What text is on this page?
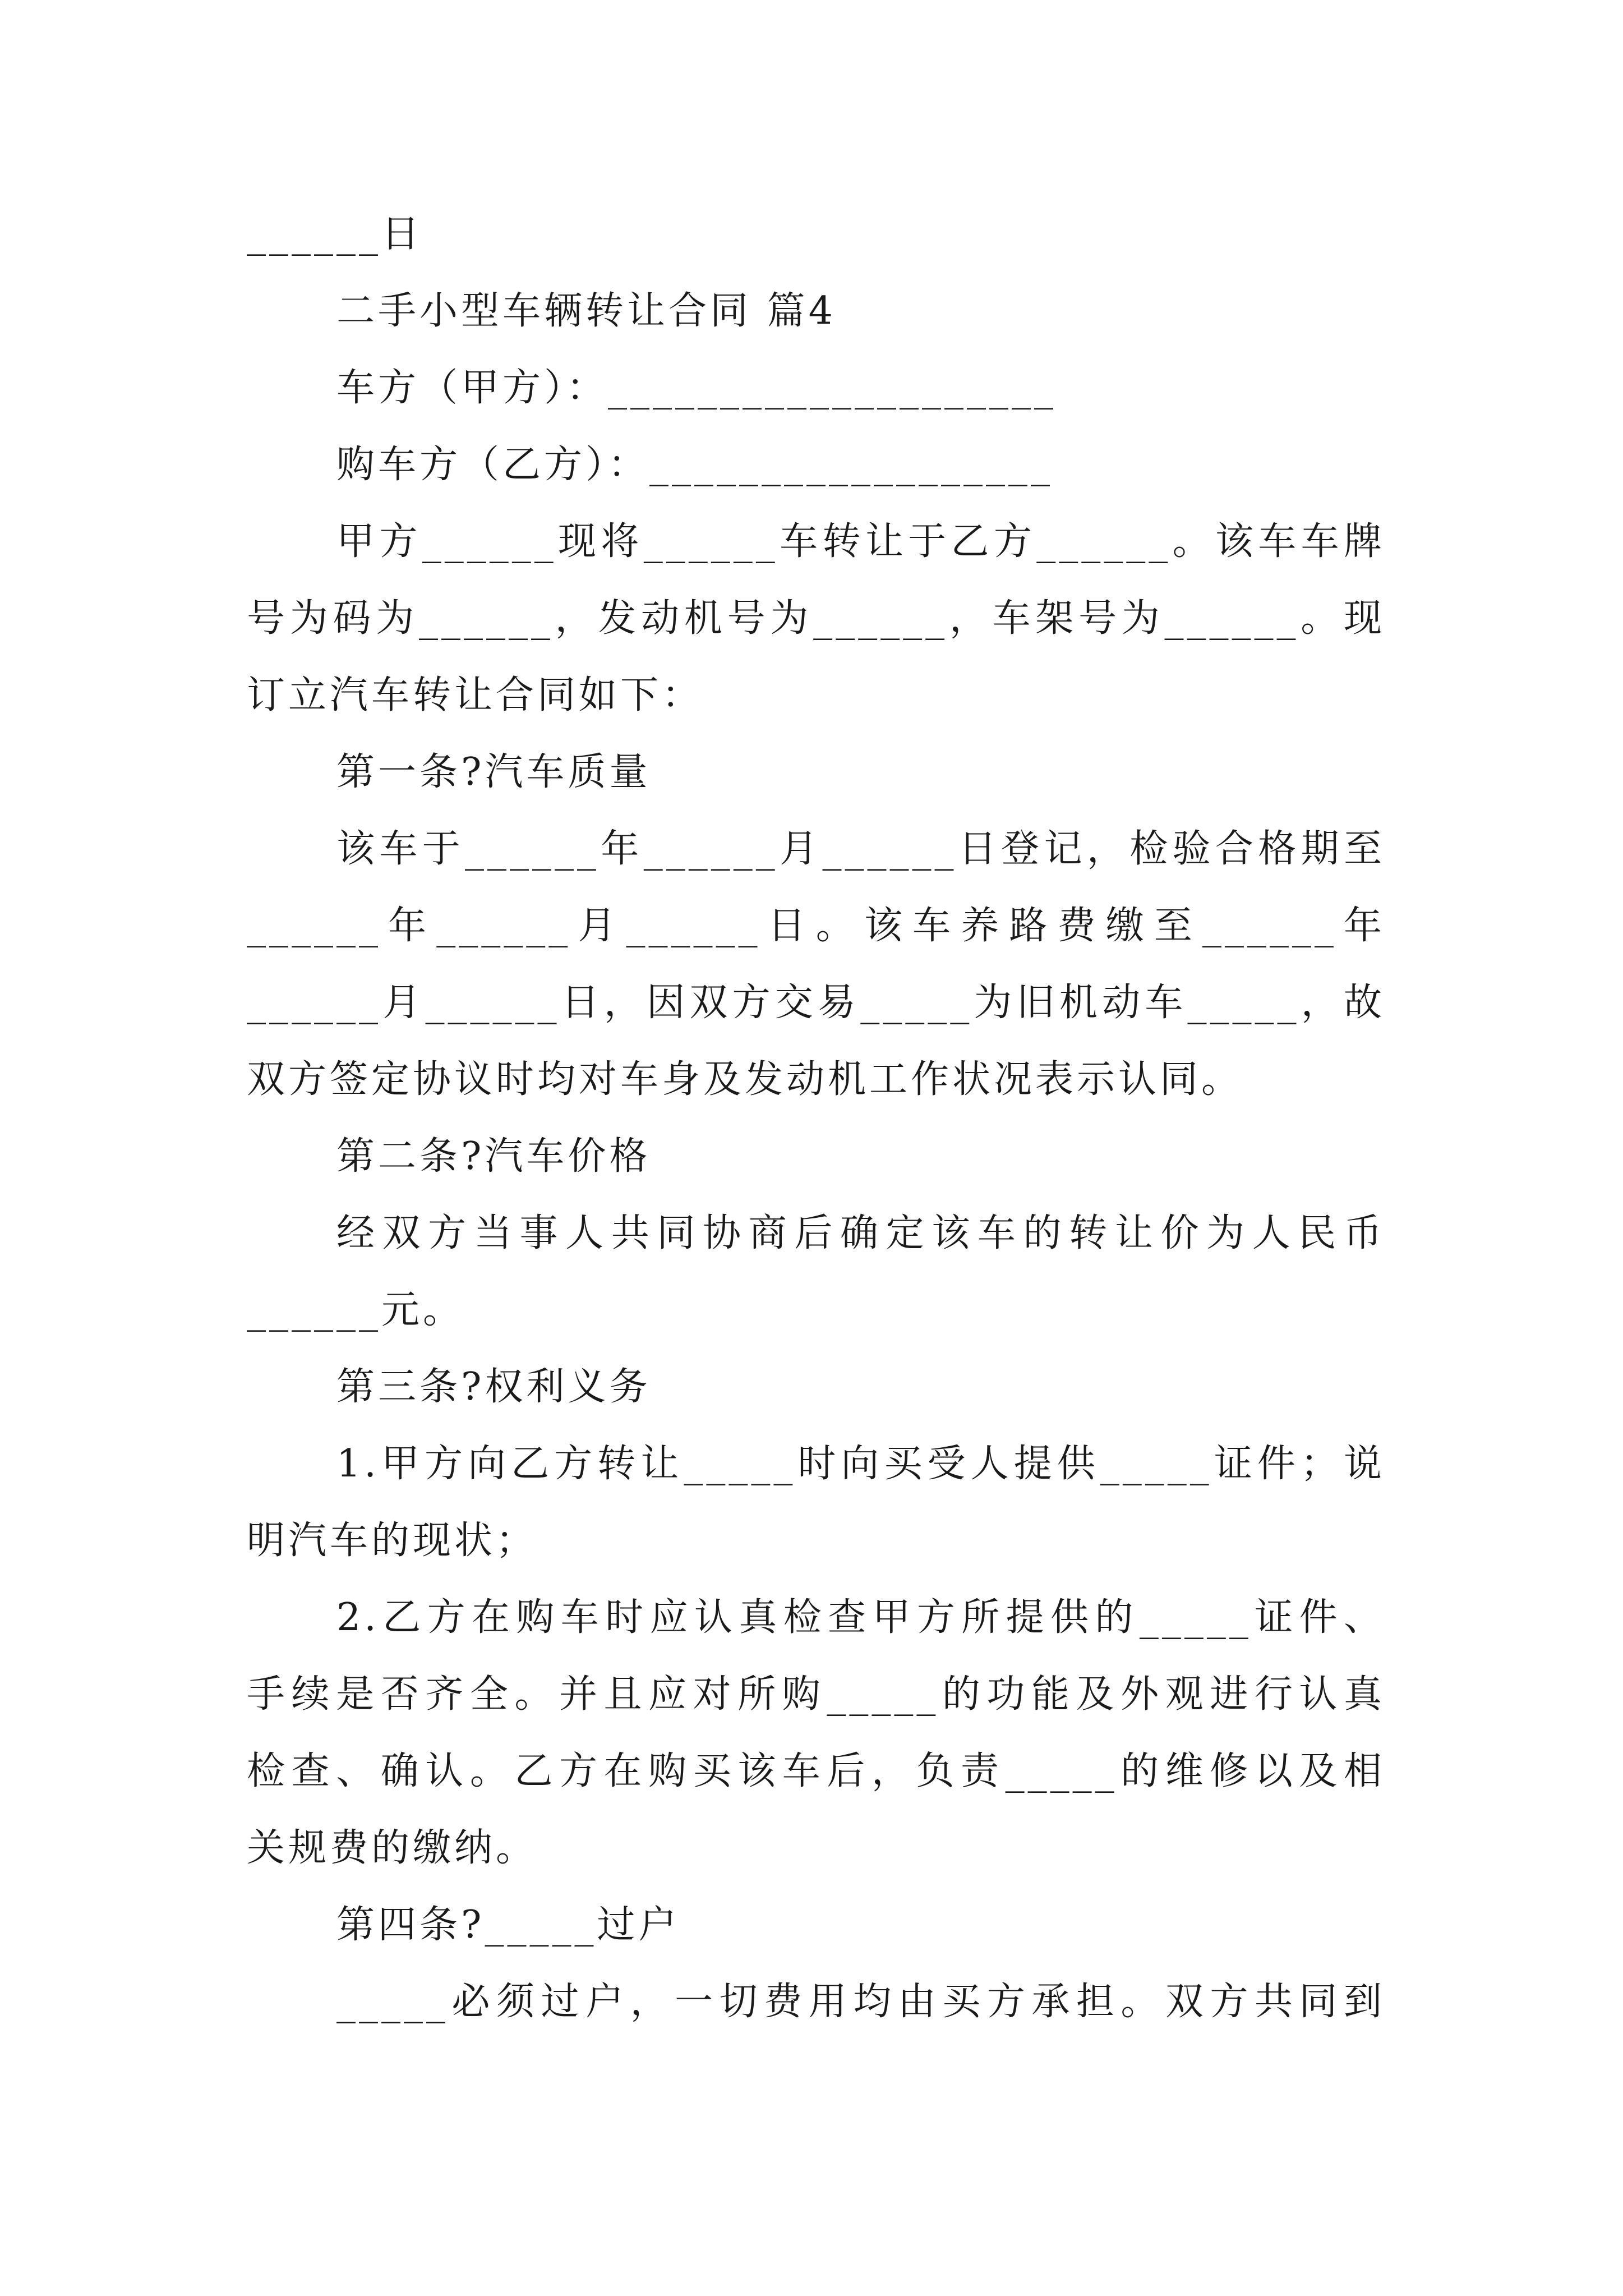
______日
二手小型车辆转让合同 篇4
车方（甲方）：____________________
购车方（乙方）：__________________
甲方______现将______车转让于乙方______。该车车牌
号为码为______，发动机号为______，车架号为______。现
订立汽车转让合同如下：
第一条?汽车质量
该车于______年______月______日登记，检验合格期至
______年______月______日。该车养路费缴至______年
______月______日，因双方交易_____为旧机动车_____，故
双方签定协议时均对车身及发动机工作状况表示认同。
第二条?汽车价格
经双方当事人共同协商后确定该车的转让价为人民币
______元。
第三条?权利义务
1.甲方向乙方转让_____时向买受人提供_____证件；说
明汽车的现状；
2.乙方在购车时应认真检查甲方所提供的_____证件、
手续是否齐全。并且应对所购_____的功能及外观进行认真
检查、确认。乙方在购买该车后，负责_____的维修以及相
关规费的缴纳。
第四条?_____过户
_____必须过户，一切费用均由买方承担。双方共同到
